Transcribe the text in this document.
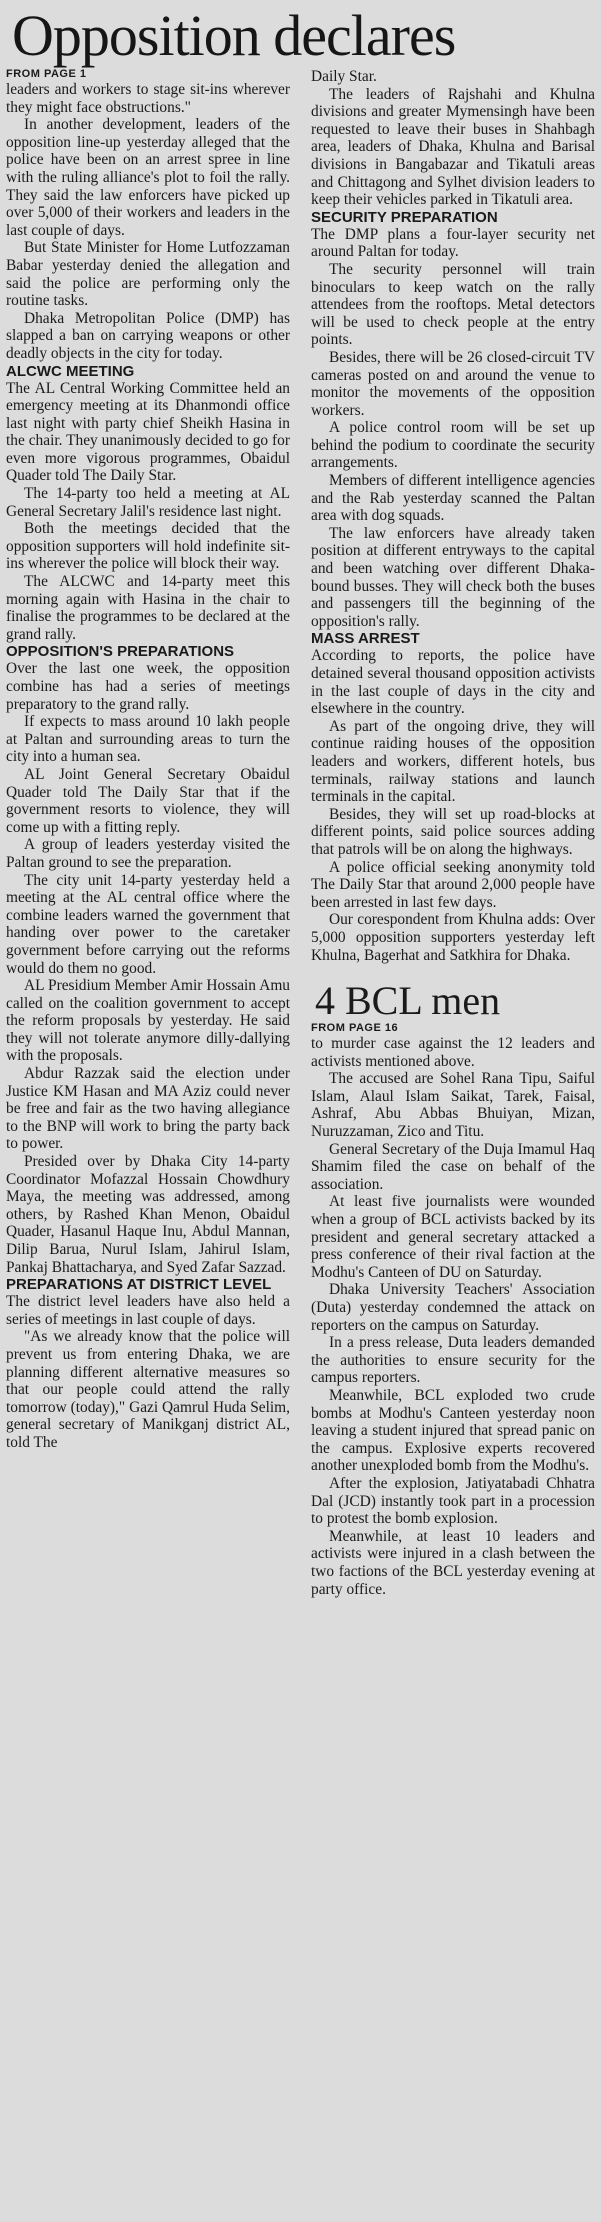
Opposition declares
FROM PAGE 1

leaders and workers to stage sit-ins wherever they might face obstructions."

In another development, leaders of the opposition line-up yesterday alleged that the police have been on an arrest spree in line with the ruling alliance's plot to foil the rally. They said the law enforcers have picked up over 5,000 of their workers and leaders in the last couple of days.

But State Minister for Home Lutfozzaman Babar yesterday denied the allegation and said the police are performing only the routine tasks.

Dhaka Metropolitan Police (DMP) has slapped a ban on carrying weapons or other deadly objects in the city for today.

ALCWC MEETING

The AL Central Working Committee held an emergency meeting at its Dhanmondi office last night with party chief Sheikh Hasina in the chair. They unanimously decided to go for even more vigorous programmes, Obaidul Quader told The Daily Star.

The 14-party too held a meeting at AL General Secretary Jalil's residence last night.

Both the meetings decided that the opposition supporters will hold indefinite sit-ins wherever the police will block their way.

The ALCWC and 14-party meet this morning again with Hasina in the chair to finalise the programmes to be declared at the grand rally.

OPPOSITION'S PREPARATIONS

Over the last one week, the opposition combine has had a series of meetings preparatory to the grand rally.

If expects to mass around 10 lakh people at Paltan and surrounding areas to turn the city into a human sea.

AL Joint General Secretary Obaidul Quader told The Daily Star that if the government resorts to violence, they will come up with a fitting reply.

A group of leaders yesterday visited the Paltan ground to see the preparation.

The city unit 14-party yesterday held a meeting at the AL central office where the combine leaders warned the government that handing over power to the caretaker government before carrying out the reforms would do them no good.

AL Presidium Member Amir Hossain Amu called on the coalition government to accept the reform proposals by yesterday. He said they will not tolerate anymore dilly-dallying with the proposals.

Abdur Razzak said the election under Justice KM Hasan and MA Aziz could never be free and fair as the two having allegiance to the BNP will work to bring the party back to power.

Presided over by Dhaka City 14-party Coordinator Mofazzal Hossain Chowdhury Maya, the meeting was addressed, among others, by Rashed Khan Menon, Obaidul Quader, Hasanul Haque Inu, Abdul Mannan, Dilip Barua, Nurul Islam, Jahirul Islam, Pankaj Bhattacharya, and Syed Zafar Sazzad.

PREPARATIONS AT DISTRICT LEVEL

The district level leaders have also held a series of meetings in last couple of days.

"As we already know that the police will prevent us from entering Dhaka, we are planning different alternative measures so that our people could attend the rally tomorrow (today)," Gazi Qamrul Huda Selim, general secretary of Manikganj district AL, told The

Daily Star.

The leaders of Rajshahi and Khulna divisions and greater Mymensingh have been requested to leave their buses in Shahbagh area, leaders of Dhaka, Khulna and Barisal divisions in Bangabazar and Tikatuli areas and Chittagong and Sylhet division leaders to keep their vehicles parked in Tikatuli area.

SECURITY PREPARATION

The DMP plans a four-layer security net around Paltan for today.

The security personnel will train binoculars to keep watch on the rally attendees from the rooftops. Metal detectors will be used to check people at the entry points.

Besides, there will be 26 closed-circuit TV cameras posted on and around the venue to monitor the movements of the opposition workers.

A police control room will be set up behind the podium to coordinate the security arrangements.

Members of different intelligence agencies and the Rab yesterday scanned the Paltan area with dog squads.

The law enforcers have already taken position at different entryways to the capital and been watching over different Dhaka-bound busses. They will check both the buses and passengers till the beginning of the opposition's rally.

MASS ARREST

According to reports, the police have detained several thousand opposition activists in the last couple of days in the city and elsewhere in the country.

As part of the ongoing drive, they will continue raiding houses of the opposition leaders and workers, different hotels, bus terminals, railway stations and launch terminals in the capital.

Besides, they will set up road-blocks at different points, said police sources adding that patrols will be on along the highways.

A police official seeking anonymity told The Daily Star that around 2,000 people have been arrested in last few days.

Our corespondent from Khulna adds: Over 5,000 opposition supporters yesterday left Khulna, Bagerhat and Satkhira for Dhaka.

4 BCL men
FROM PAGE 16

to murder case against the 12 leaders and activists mentioned above.

The accused are Sohel Rana Tipu, Saiful Islam, Alaul Islam Saikat, Tarek, Faisal, Ashraf, Abu Abbas Bhuiyan, Mizan, Nuruzzaman, Zico and Titu.

General Secretary of the Duja Imamul Haq Shamim filed the case on behalf of the association.

At least five journalists were wounded when a group of BCL activists backed by its president and general secretary attacked a press conference of their rival faction at the Modhu's Canteen of DU on Saturday.

Dhaka University Teachers' Association (Duta) yesterday condemned the attack on reporters on the campus on Saturday.

In a press release, Duta leaders demanded the authorities to ensure security for the campus reporters.

Meanwhile, BCL exploded two crude bombs at Modhu's Canteen yesterday noon leaving a student injured that spread panic on the campus. Explosive experts recovered another unexploded bomb from the Modhu's.

After the explosion, Jatiyatabadi Chhatra Dal (JCD) instantly took part in a procession to protest the bomb explosion.

Meanwhile, at least 10 leaders and activists were injured in a clash between the two factions of the BCL yesterday evening at party office.
